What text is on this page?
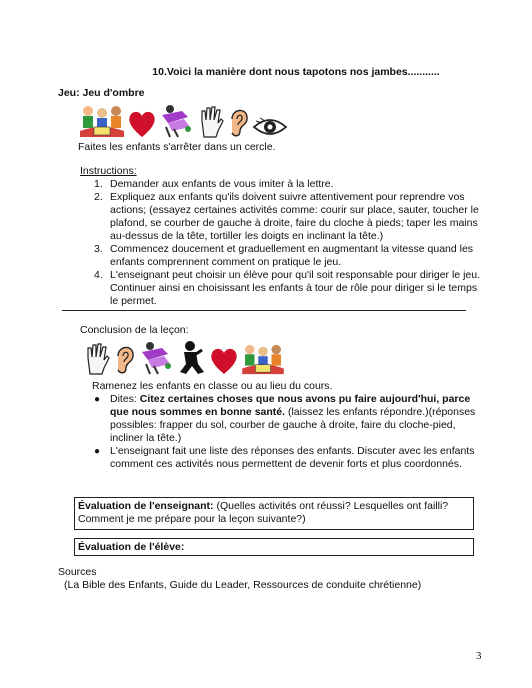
10.Voici la manière dont nous tapotons nos jambes...........
Jeu: Jeu d'ombre
Faites les enfants s'arrêter dans un cercle.
Instructions:
1. Demander aux enfants de vous imiter à la lettre.
2. Expliquez aux enfants qu'ils doivent suivre attentivement pour reprendre vos actions; (essayez certaines activités comme: courir sur place, sauter, toucher le plafond, se courber de gauche à droite, faire du cloche à pieds; taper les mains au-dessus de la tête, tortiller les doigts en inclinant la tête.)
3. Commencez doucement et graduellement en augmentant la vitesse quand les enfants comprennent comment on pratique le jeu.
4. L'enseignant peut choisir un élève pour qu'il soit responsable pour diriger le jeu. Continuer ainsi en choisissant les enfants à tour de rôle pour diriger si le temps le permet.
Conclusion de la leçon:
Ramenez les enfants en classe ou au lieu du cours.
● Dites: Citez certaines choses que nous avons pu faire aujourd'hui, parce que nous sommes en bonne santé. (laissez les enfants répondre.)(réponses possibles: frapper du sol, courber de gauche à droite, faire du cloche-pied, incliner la tête.)
● L'enseignant fait une liste des réponses des enfants. Discuter avec les enfants comment ces activités nous permettent de devenir forts et plus coordonnés.
Évaluation de l'enseignant: (Quelles activités ont réussi? Lesquelles ont failli? Comment je me prépare pour la leçon suivante?)
Évaluation de l'élève:
Sources
(La Bible des Enfants, Guide du Leader, Ressources de conduite chrétienne)
3
